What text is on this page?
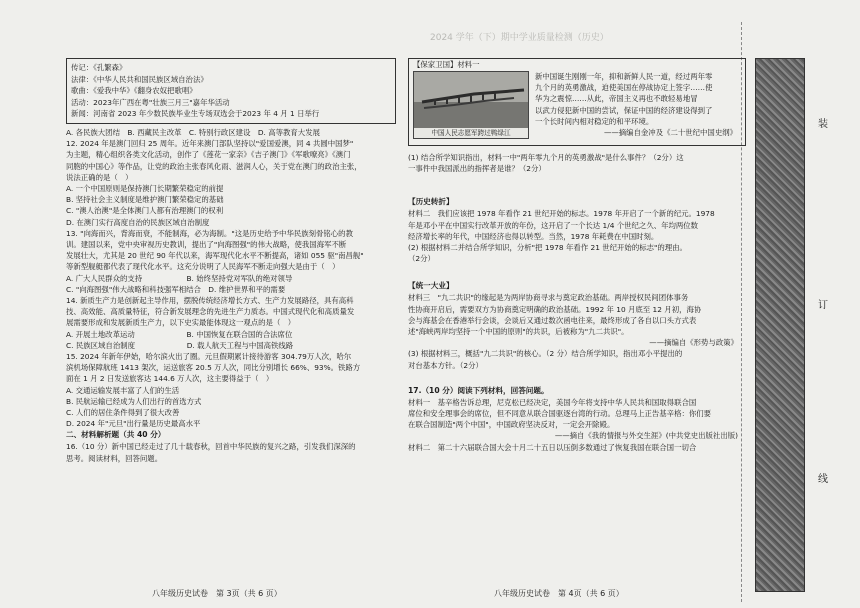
2024 学年（下）期中学业质量检测（历史）
装
订
线
传记：《孔繁森》
法律：《中华人民共和国民族区域自治法》
歌曲：《爱我中华》《翻身农奴把歌唱》
活动：2023年广西在粤"壮族三月三"嘉年华活动
新闻：河南省 2023 年少数民族毕业生专场双选会于2023 年 4 月 1 日举行
A. 各民族大团结　B. 西藏民主改革　C. 特别行政区建设　D. 高等教育大发展
12. 2024 年是澳门回归 25 周年。近年来澳门部队坚持以"爱国爱澳，同 4 共圆中国梦"
为主题，精心组织各类文化活动，创作了《莲花一家亲》《吉子澳门》《军歌嘹亮》《澳门
同胞的中国心》等作品，让党的政治主张春风化雨、滋润人心，关于党在澳门的政治主张，
说法正确的是（　）
A. 一个中国原则是保持澳门长期繁荣稳定的前提
B. 坚持社会主义制度是维护澳门繁荣稳定的基础
C. "澳人治澳"是全体澳门人都有治理澳门的权利
D. 在澳门实行高度自治的民族区域自治制度
13. "向海而兴，背海而衰，不能制海，必为海制。"这是历史给予中华民族刻骨铭心的教
训。建国以来，党中央审视历史教训，提出了"向海图强"的伟大战略，使我国海军不断
发展壮大，尤其是 20 世纪 90 年代以来，海军现代化水平不断提高，诸如 055 驱"南昌舰"
等新型舰艇都代表了现代化水平。这充分说明了人民海军不断走向强大是由于（　）
A. 广大人民群众的支持　　　　　　B. 始终坚持党对军队的绝对领导
C. "向海图强"伟大战略和科技强军相结合　D. 维护世界和平的需要
14. 新质生产力是创新起主导作用，摆脱传统经济增长方式、生产力发展路径，具有高科
技、高效能、高质量特征，符合新发展理念的先进生产力质态。中国式现代化和高质量发
展需要形成和发展新质生产力，以下史实最能体现这一观点的是（　）
A. 开展土地改革运动　　　　　　　B. 中国恢复在联合国的合法席位
C. 民族区域自治制度　　　　　　　D. 载人航天工程与中国高铁线路
15. 2024 年新年伊始，哈尔滨火出了圈。元旦假期累计接待游客 304.79万人次，哈尔
滨机场保障航班 1413 架次，运送旅客 20.5 万人次，同比分别增长 66%、93%。铁路方
面在 1 月 2 日发送旅客达 144.6 万人次，这主要得益于（　）
A. 交通运输发展丰富了人们的生活
B. 民航运输已经成为人们出行的首选方式
C. 人们的居住条件得到了很大改善
D. 2024 年"元旦"出行量是历史最高水平
二、材料解析题（共 40 分）
16.（10 分）新中国已经走过了几十载春秋，回首中华民族的复兴之路，引发我们深深的
思考。阅读材料，回答问题。
八年级历史试卷　第 3页（共 6 页）
【保家卫国】材料一
中国人民志愿军跨过鸭绿江
新中国诞生刚刚一年，抑和新鲜人民一道，经过两年零
九个月的英勇激战，迫使美国在停战协定上签字……使
华为之震惊……从此，帝国主义再也不敢轻易地冒
以武力侵犯新中国的尝试，保证中国的经济建设得到了
一个长时间内相对稳定的和平环境。
——摘编自金冲及《二十世纪中国史纲》
(1) 结合所学知识指出，材料一中"两年零九个月的英勇激战"是什么事件？（2分）这
一事件中我国派出的指挥者是谁？（2分）
【历史转折】
材料二　我们应该把 1978 年看作 21 世纪开始的标志。1978 年开启了一个新的纪元。1978
年是邓小平在中国实行改革开放的年份，这开启了一个长达 1/4 个世纪之久、年均两位数
经济增长率的年代，中国经济也得以转型。当然，1978 年耗费在中国时刻。
(2) 根据材料二并结合所学知识，分析"把 1978 年看作 21 世纪开始的标志"的理由。
（2分）
【统一大业】
材料三　"九二共识"的缘起是为两岸协商寻求与奠定政治基础。两岸授权民间团体事务
性协商开启后，需要双方为协商奠定明确的政治基础。1992 年 10 月底至 12 月初，海协
会与海基会在香港举行会谈，会谈后又通过数次函电往来，最终形成了各自以口头方式表
述"海峡两岸均坚持一个中国的原则"的共识，后被称为"九二共识"。
——摘编自《形势与政策》
(3) 根据材料三，概括"九二共识"的核心。（2 分）结合所学知识，指出邓小平提出的
对台基本方针。（2分）
17.（10 分）阅读下列材料，回答问题。
材料一　基辛格告诉总理，尼克松已经决定，美国今年将支持中华人民共和国取得联合国
席位和安全理事会的席位，但不同意从联合国驱逐台湾的行动。总理马上正告基辛格：你们要
在联合国制造"两个中国"，中国政府坚决反对，一定会开除殿。
——摘自《我的情报与外交生涯》(中共党史出版社出版)
材料二　第二十六届联合国大会十月二十五日以压倒多数通过了恢复我国在联合国一切合
八年级历史试卷　第 4页（共 6 页）
